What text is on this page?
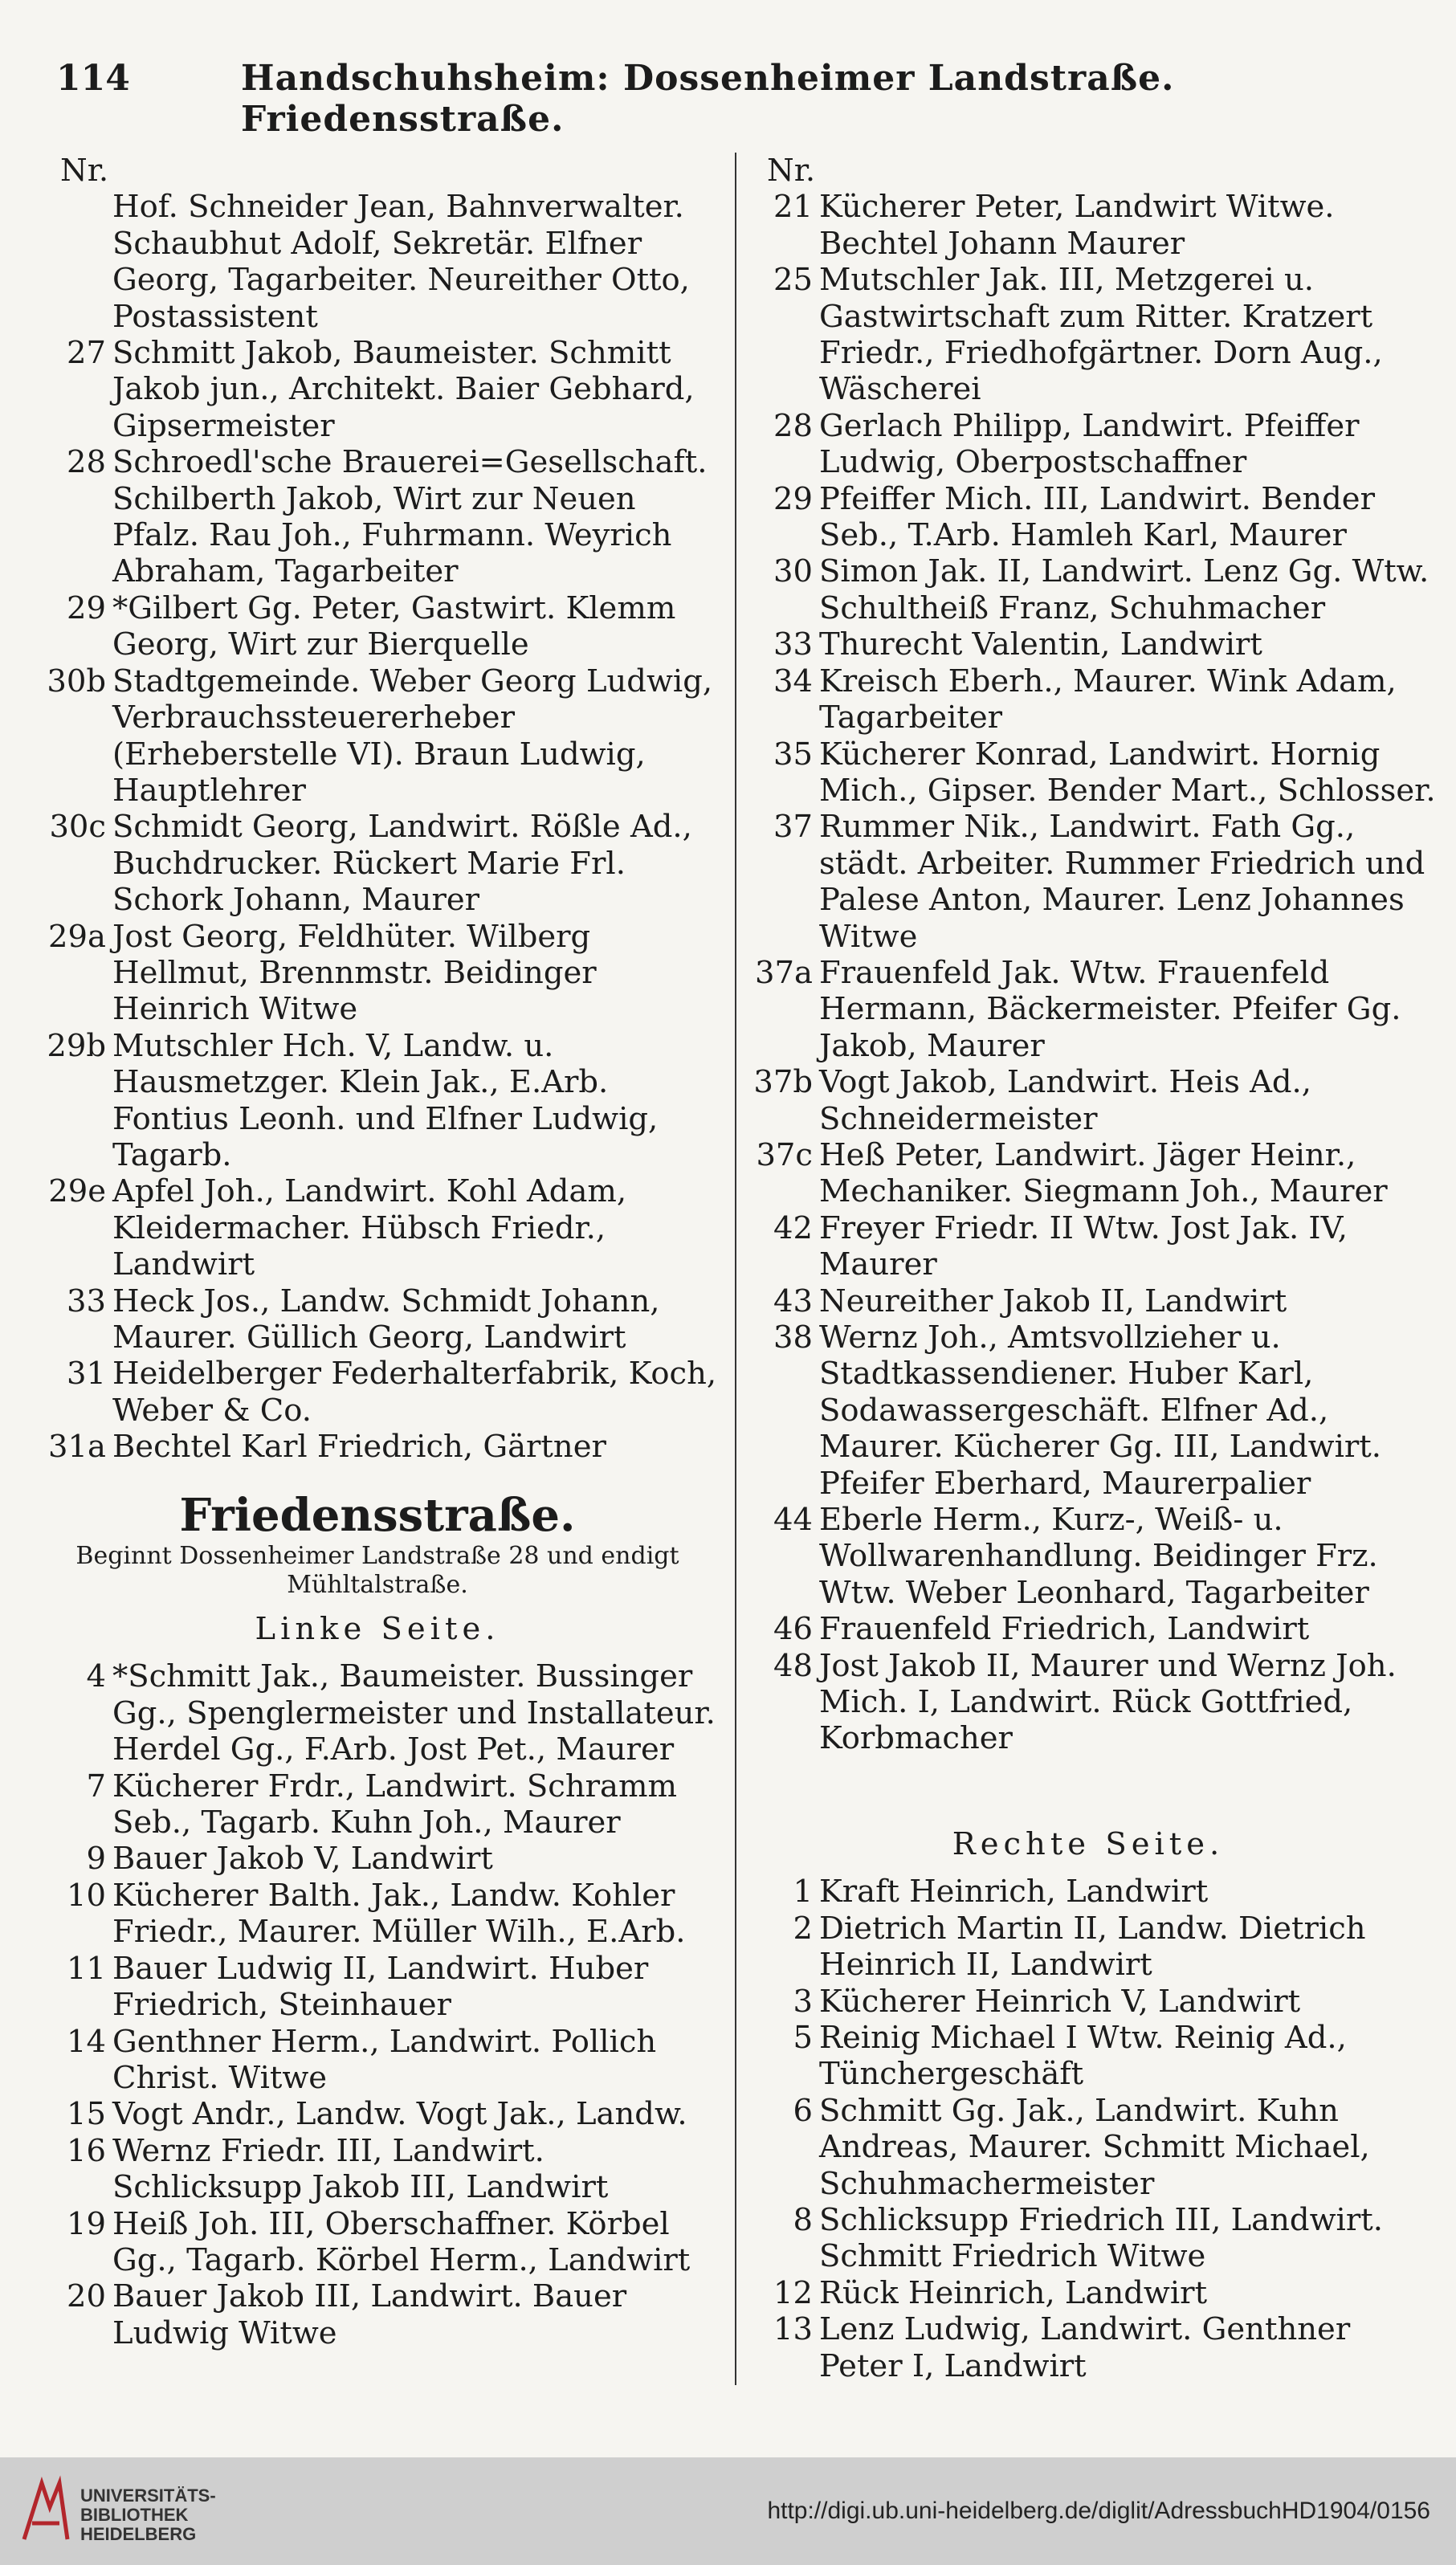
114	Handschuhsheim: Dossenheimer Landstraße. Friedensstraße.
Nr.
Hof. Schneider Jean, Bahnverwalter. Schaubhut Adolf, Sekretär. Elfner Georg, Tagarbeiter. Neureither Otto, Postassistent
27 Schmitt Jakob, Baumeister. Schmitt Jakob jun., Architekt. Baier Gebhard, Gipsermeister
28 Schroedl'sche Brauerei=Gesellschaft. Schilberth Jakob, Wirt zur Neuen Pfalz. Rau Joh., Fuhrmann. Weyrich Abraham, Tagarbeiter
29 *Gilbert Gg. Peter, Gastwirt. Klemm Georg, Wirt zur Bierquelle
30b Stadtgemeinde. Weber Georg Ludwig, Verbrauchssteuererheber (Erheberstelle VI). Braun Ludwig, Hauptlehrer
30c Schmidt Georg, Landwirt. Rößle Ad., Buchdrucker. Rückert Marie Frl. Schork Johann, Maurer
29a Jost Georg, Feldhüter. Wilberg Hellmut, Brennmstr. Beidinger Heinrich Witwe
29b Mutschler Hch. V, Landw. u. Hausmetzger. Klein Jak., E.Arb. Fontius Leonh. und Elfner Ludwig, Tagarb.
29e Apfel Joh., Landwirt. Kohl Adam, Kleidermacher. Hübsch Friedr., Landwirt
33 Heck Jos., Landw. Schmidt Johann, Maurer. Güllich Georg, Landwirt
31 Heidelberger Federhalterfabrik, Koch, Weber & Co.
31a Bechtel Karl Friedrich, Gärtner
Friedensstraße.
Beginnt Dossenheimer Landstraße 28 und endigt Mühltalstraße.
Linke Seite.
4 *Schmitt Jak., Baumeister. Bussinger Gg., Spenglermeister und Installateur. Herdel Gg., F.Arb. Jost Pet., Maurer
7 Kücherer Frdr., Landwirt. Schramm Seb., Tagarb. Kuhn Joh., Maurer
9 Bauer Jakob V, Landwirt
10 Kücherer Balth. Jak., Landw. Kohler Friedr., Maurer. Müller Wilh., E.Arb.
11 Bauer Ludwig II, Landwirt. Huber Friedrich, Steinhauer
14 Genthner Herm., Landwirt. Pollich Christ. Witwe
15 Vogt Andr., Landw. Vogt Jak., Landw.
16 Wernz Friedr. III, Landwirt. Schlicksupp Jakob III, Landwirt
19 Heiß Joh. III, Oberschaffner. Körbel Gg., Tagarb. Körbel Herm., Landwirt
20 Bauer Jakob III, Landwirt. Bauer Ludwig Witwe
Nr.
21 Kücherer Peter, Landwirt Witwe. Bechtel Johann Maurer
25 Mutschler Jak. III, Metzgerei u. Gastwirtschaft zum Ritter. Kratzert Friedr., Friedhofgärtner. Dorn Aug., Wäscherei
28 Gerlach Philipp, Landwirt. Pfeiffer Ludwig, Oberpostschaffner
29 Pfeiffer Mich. III, Landwirt. Bender Seb., T.Arb. Hamleh Karl, Maurer
30 Simon Jak. II, Landwirt. Lenz Gg. Wtw. Schultheiß Franz, Schuhmacher
33 Thurecht Valentin, Landwirt
34 Kreisch Eberh., Maurer. Wink Adam, Tagarbeiter
35 Kücherer Konrad, Landwirt. Hornig Mich., Gipser. Bender Mart., Schlosser.
37 Rummer Nik., Landwirt. Fath Gg., städt. Arbeiter. Rummer Friedrich und Palese Anton, Maurer. Lenz Johannes Witwe
37a Frauenfeld Jak. Wtw. Frauenfeld Hermann, Bäckermeister. Pfeifer Gg. Jakob, Maurer
37b Vogt Jakob, Landwirt. Heis Ad., Schneidermeister
37c Heß Peter, Landwirt. Jäger Heinr., Mechaniker. Siegmann Joh., Maurer
42 Freyer Friedr. II Wtw. Jost Jak. IV, Maurer
43 Neureither Jakob II, Landwirt
38 Wernz Joh., Amtsvollzieher u. Stadtkassendiener. Huber Karl, Sodawassergeschäft. Elfner Ad., Maurer. Kücherer Gg. III, Landwirt. Pfeifer Eberhard, Maurerpalier
44 Eberle Herm., Kurz-, Weiß- u. Wollwarenhandlung. Beidinger Frz. Wtw. Weber Leonhard, Tagarbeiter
46 Frauenfeld Friedrich, Landwirt
48 Jost Jakob II, Maurer und Wernz Joh. Mich. I, Landwirt. Rück Gottfried, Korbmacher
Rechte Seite.
1 Kraft Heinrich, Landwirt
2 Dietrich Martin II, Landw. Dietrich Heinrich II, Landwirt
3 Kücherer Heinrich V, Landwirt
5 Reinig Michael I Wtw. Reinig Ad., Tünchergeschäft
6 Schmitt Gg. Jak., Landwirt. Kuhn Andreas, Maurer. Schmitt Michael, Schuhmachermeister
8 Schlicksupp Friedrich III, Landwirt. Schmitt Friedrich Witwe
12 Rück Heinrich, Landwirt
13 Lenz Ludwig, Landwirt. Genthner Peter I, Landwirt
UNIVERSITÄTS-
BIBLIOTHEK
HEIDELBERG
http://digi.ub.uni-heidelberg.de/diglit/AdressbuchHD1904/0156
